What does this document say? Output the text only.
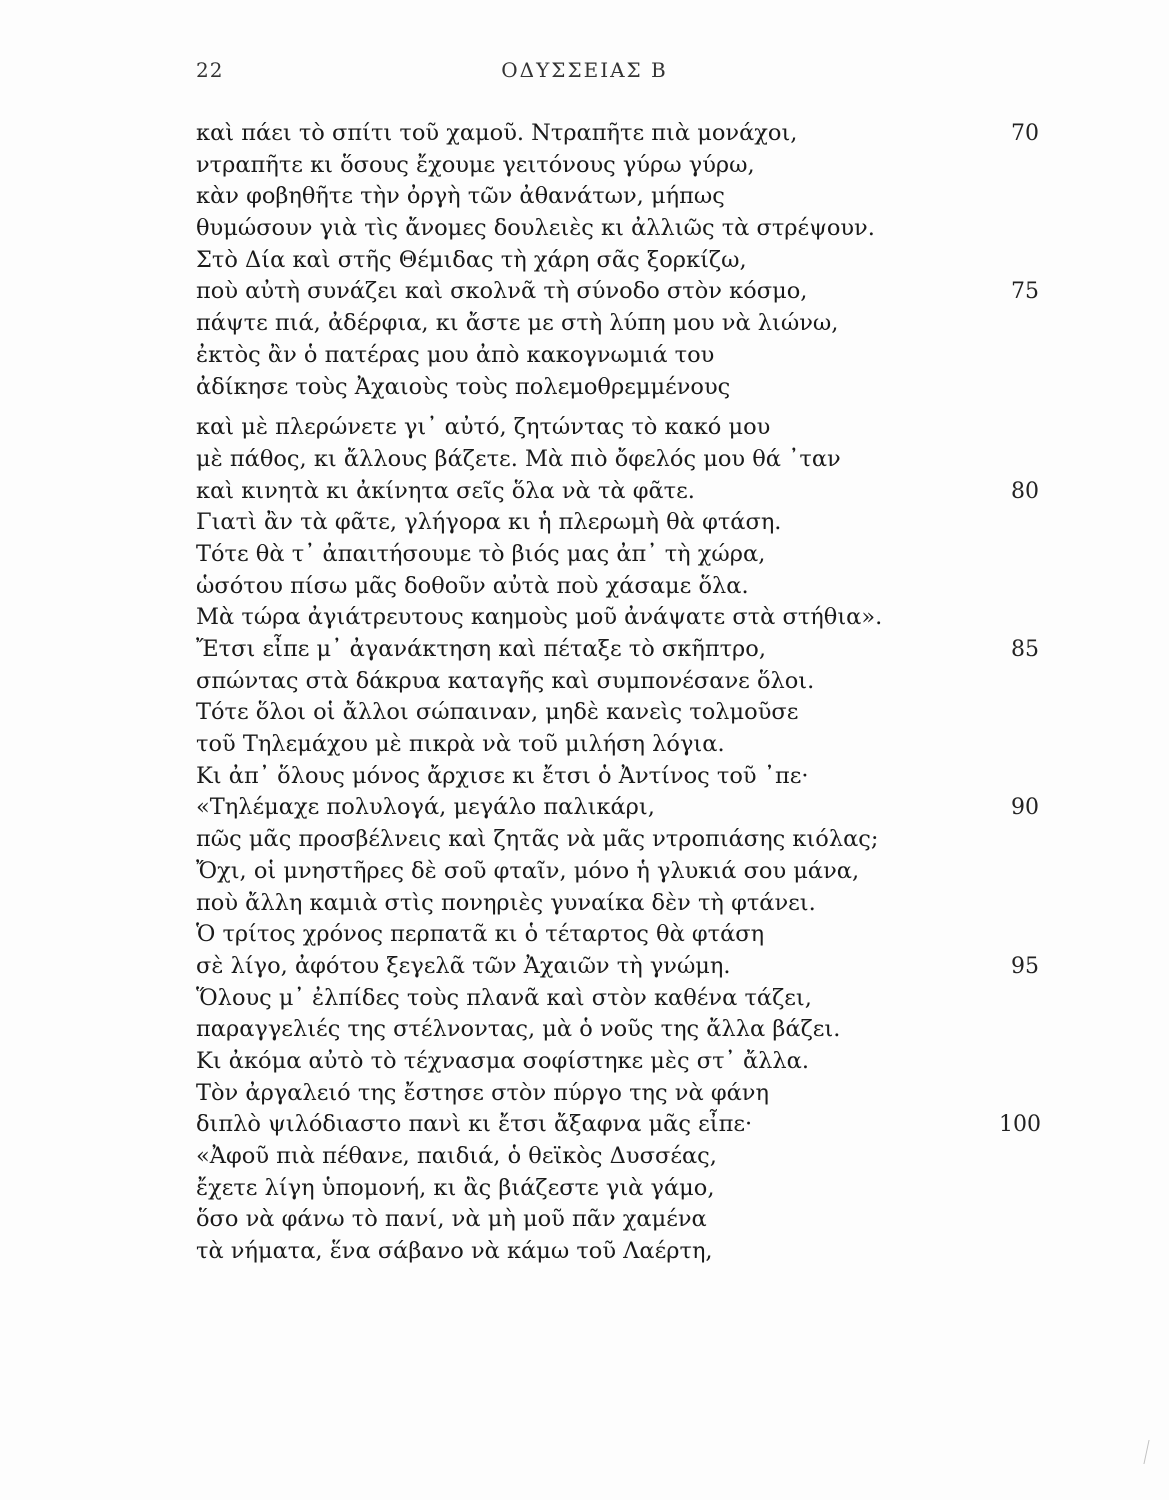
22	ΟΔΥΣΣΕΙΑΣ Β
καὶ πάει τὸ σπίτι τοῦ χαμοῦ. Ντραπῆτε πιὰ μονάχοι,	70
ντραπῆτε κι ὅσους ἔχουμε γειτόνους γύρω γύρω,
κὰν φοβηθῆτε τὴν ὀργὴ τῶν ἀθανάτων, μήπως
θυμώσουν γιὰ τὶς ἄνομες δουλειὲς κι ἀλλιῶς τὰ στρέψουν.
Στὸ Δία καὶ στῆς Θέμιδας τὴ χάρη σᾶς ξορκίζω,
ποὺ αὐτὴ συνάζει καὶ σκολνᾶ τὴ σύνοδο στὸν κόσμο,	75
πάψτε πιά, ἀδέρφια, κι ἄστε με στὴ λύπη μου νὰ λιώνω,
ἐκτὸς ἂν ὁ πατέρας μου ἀπὸ κακογνωμιά του
ἀδίκησε τοὺς Ἀχαιοὺς τοὺς πολεμοθρεμμένους
καὶ μὲ πλερώνετε γι᾽ αὐτό, ζητώντας τὸ κακό μου
μὲ πάθος, κι ἄλλους βάζετε. Μὰ πιὸ ὄφελός μου θά ᾽ταν
καὶ κινητὰ κι ἀκίνητα σεῖς ὅλα νὰ τὰ φᾶτε.	80
Γιατὶ ἂν τὰ φᾶτε, γλήγορα κι ἡ πλερωμὴ θὰ φτάση.
Τότε θὰ τ᾽ ἀπαιτήσουμε τὸ βιός μας ἀπ᾽ τὴ χώρα,
ὡσότου πίσω μᾶς δοθοῦν αὐτὰ ποὺ χάσαμε ὅλα.
Μὰ τώρα ἀγιάτρευτους καημοὺς μοῦ ἀνάψατε στὰ στήθια».
Ἔτσι εἶπε μ᾽ ἀγανάκτηση καὶ πέταξε τὸ σκῆπτρο,	85
σπώντας στὰ δάκρυα καταγῆς καὶ συμπονέσανε ὅλοι.
Τότε ὅλοι οἱ ἄλλοι σώπαιναν, μηδὲ κανεὶς τολμοῦσε
τοῦ Τηλεμάχου μὲ πικρὰ νὰ τοῦ μιλήση λόγια.
Κι ἀπ᾽ ὅλους μόνος ἄρχισε κι ἔτσι ὁ Ἀντίνος τοῦ ᾽πε·
«Τηλέμαχε πολυλογά, μεγάλο παλικάρι,	90
πῶς μᾶς προσβέλνεις καὶ ζητᾶς νὰ μᾶς ντροπιάσης κιόλας;
Ὄχι, οἱ μνηστῆρες δὲ σοῦ φταῖν, μόνο ἡ γλυκιά σου μάνα,
ποὺ ἄλλη καμιὰ στὶς πονηριὲς γυναίκα δὲν τὴ φτάνει.
Ὁ τρίτος χρόνος περπατᾶ κι ὁ τέταρτος θὰ φτάση
σὲ λίγο, ἀφότου ξεγελᾶ τῶν Ἀχαιῶν τὴ γνώμη.	95
Ὅλους μ᾽ ἐλπίδες τοὺς πλανᾶ καὶ στὸν καθένα τάζει,
παραγγελιές της στέλνοντας, μὰ ὁ νοῦς της ἄλλα βάζει.
Κι ἀκόμα αὐτὸ τὸ τέχνασμα σοφίστηκε μὲς στ᾽ ἄλλα.
Τὸν ἀργαλειό της ἔστησε στὸν πύργο της νὰ φάνη
διπλὸ ψιλόδιαστο πανὶ κι ἔτσι ἄξαφνα μᾶς εἶπε·	100
«Ἀφοῦ πιὰ πέθανε, παιδιά, ὁ θεϊκὸς Δυσσέας,
ἔχετε λίγη ὑπομονή, κι ἂς βιάζεστε γιὰ γάμο,
ὅσο νὰ φάνω τὸ πανί, νὰ μὴ μοῦ πᾶν χαμένα
τὰ νήματα, ἕνα σάβανο νὰ κάμω τοῦ Λαέρτη,
